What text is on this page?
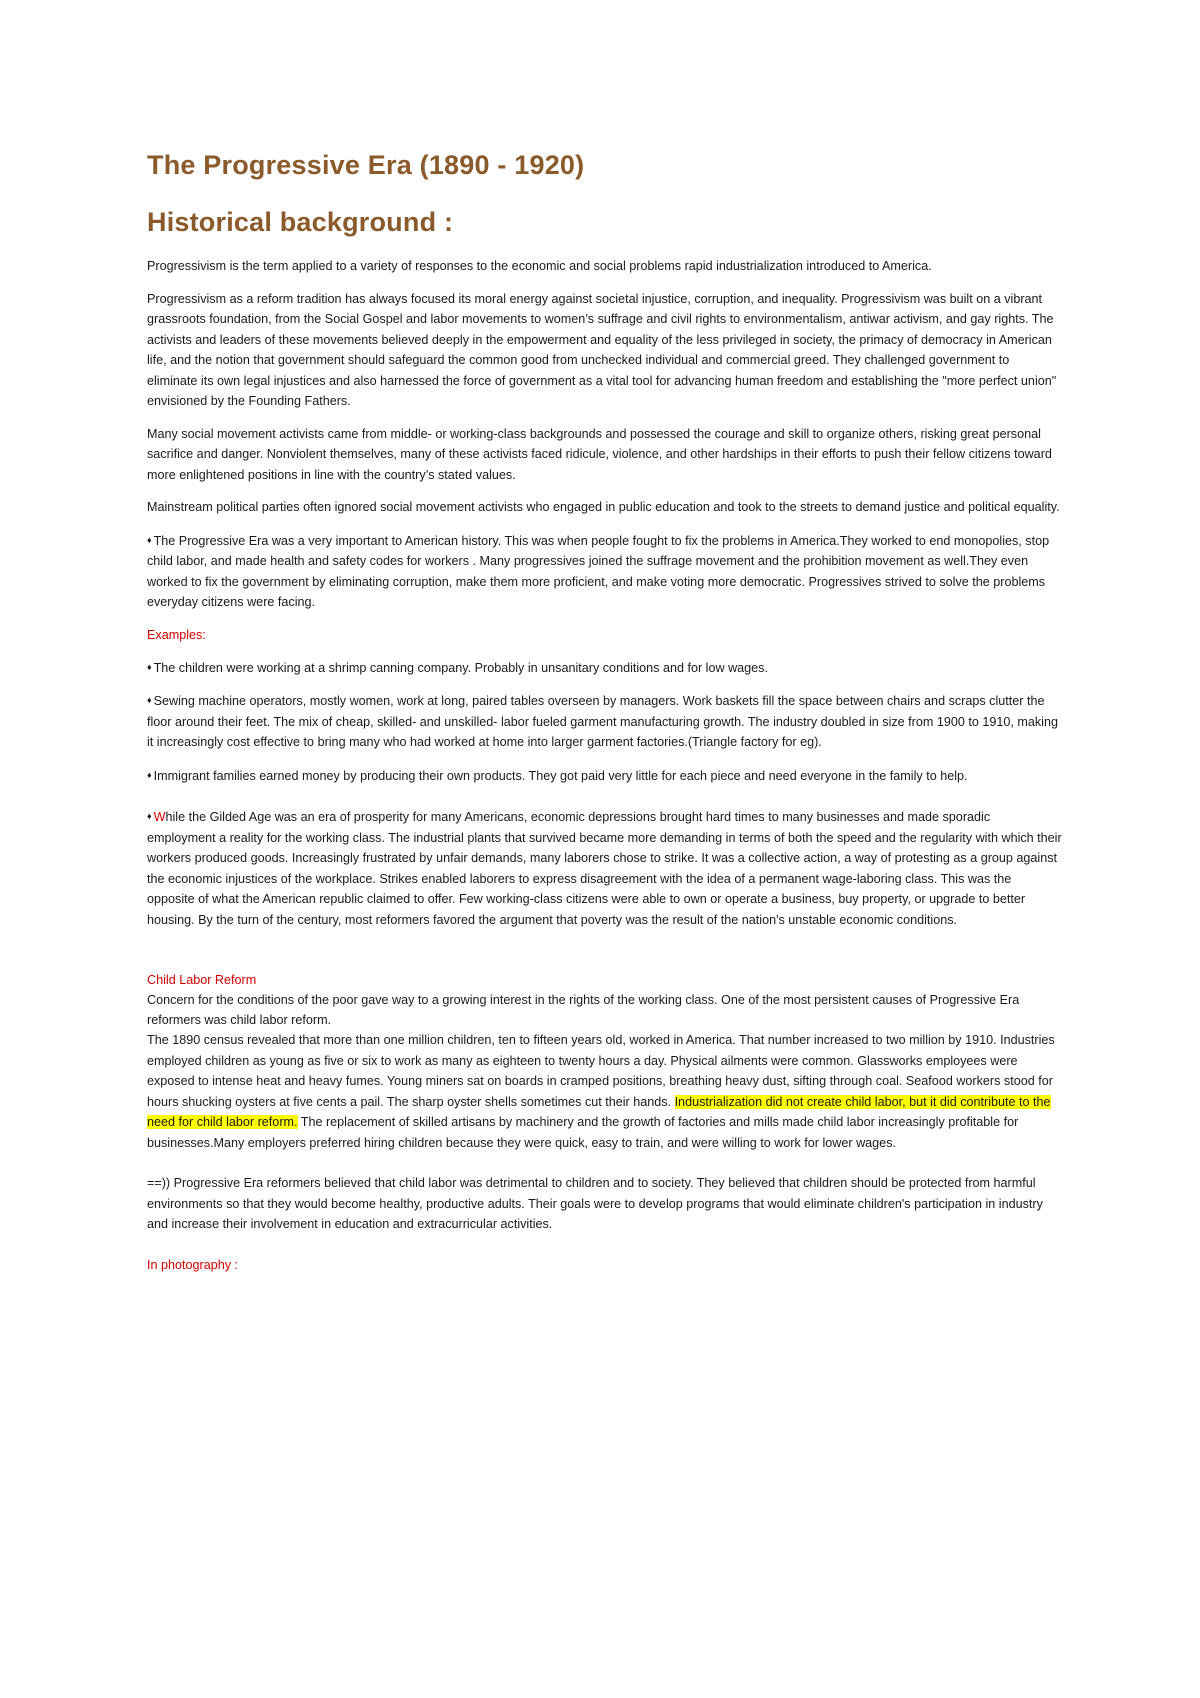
The Progressive Era (1890 - 1920)
Historical background :

Progressivism is the term applied to a variety of responses to the economic and social problems rapid industrialization introduced to America.

Progressivism as a reform tradition has always focused its moral energy against societal injustice, corruption, and inequality. Progressivism was built on a vibrant grassroots foundation, from the Social Gospel and labor movements to women’s suffrage and civil rights to environmentalism, antiwar activism, and gay rights. The activists and leaders of these movements believed deeply in the empowerment and equality of the less privileged in society, the primacy of democracy in American life, and the notion that government should safeguard the common good from unchecked individual and commercial greed. They challenged government to eliminate its own legal injustices and also harnessed the force of government as a vital tool for advancing human freedom and establishing the "more perfect union" envisioned by the Founding Fathers.

Many social movement activists came from middle- or working-class backgrounds and possessed the courage and skill to organize others, risking great personal sacrifice and danger. Nonviolent themselves, many of these activists faced ridicule, violence, and other hardships in their efforts to push their fellow citizens toward more enlightened positions in line with the country’s stated values.

Mainstream political parties often ignored social movement activists who engaged in public education and took to the streets to demand justice and political equality.

♦ The Progressive Era was a very important to American history. This was when people fought to fix the problems in America.They worked to end monopolies, stop child labor, and made health and safety codes for workers . Many progressives joined the suffrage movement and the prohibition movement as well.They even worked to fix the government by eliminating corruption, make them more proficient, and make voting more democratic. Progressives strived to solve the problems everyday citizens were facing.

Examples:

♦ The children were working at a shrimp canning company. Probably in unsanitary conditions and for low wages.

♦ Sewing machine operators, mostly women, work at long, paired tables overseen by managers. Work baskets fill the space between chairs and scraps clutter the floor around their feet. The mix of cheap, skilled- and unskilled- labor fueled garment manufacturing growth. The industry doubled in size from 1900 to 1910, making it increasingly cost effective to bring many who had worked at home into larger garment factories.(Triangle factory for eg).

♦ Immigrant families earned money by producing their own products. They got paid very little for each piece and need everyone in the family to help.

♦ While the Gilded Age was an era of prosperity for many Americans, economic depressions brought hard times to many businesses and made sporadic employment a reality for the working class. The industrial plants that survived became more demanding in terms of both the speed and the regularity with which their workers produced goods. Increasingly frustrated by unfair demands, many laborers chose to strike. It was a collective action, a way of protesting as a group against the economic injustices of the workplace. Strikes enabled laborers to express disagreement with the idea of a permanent wage-laboring class. This was the opposite of what the American republic claimed to offer. Few working-class citizens were able to own or operate a business, buy property, or upgrade to better housing. By the turn of the century, most reformers favored the argument that poverty was the result of the nation's unstable economic conditions.

Child Labor Reform

Concern for the conditions of the poor gave way to a growing interest in the rights of the working class. One of the most persistent causes of Progressive Era reformers was child labor reform.

The 1890 census revealed that more than one million children, ten to fifteen years old, worked in America. That number increased to two million by 1910. Industries employed children as young as five or six to work as many as eighteen to twenty hours a day. Physical ailments were common. Glassworks employees were exposed to intense heat and heavy fumes. Young miners sat on boards in cramped positions, breathing heavy dust, sifting through coal. Seafood workers stood for hours shucking oysters at five cents a pail. The sharp oyster shells sometimes cut their hands. Industrialization did not create child labor, but it did contribute to the need for child labor reform. The replacement of skilled artisans by machinery and the growth of factories and mills made child labor increasingly profitable for businesses.Many employers preferred hiring children because they were quick, easy to train, and were willing to work for lower wages.

==)) Progressive Era reformers believed that child labor was detrimental to children and to society. They believed that children should be protected from harmful environments so that they would become healthy, productive adults. Their goals were to develop programs that would eliminate children's participation in industry and increase their involvement in education and extracurricular activities.

In photography :
